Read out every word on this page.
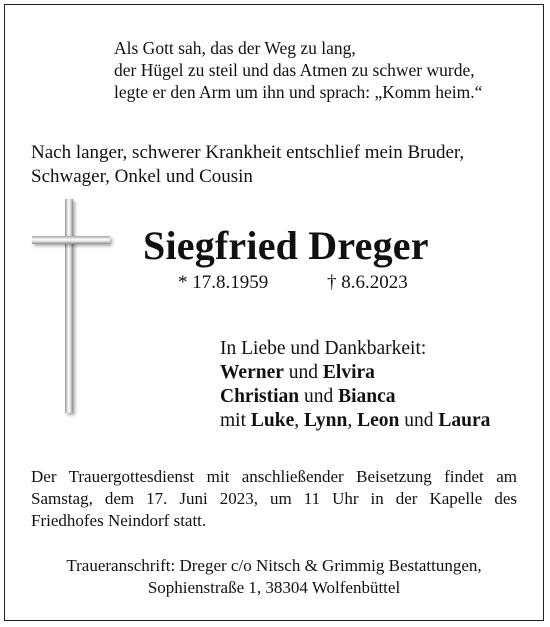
Als Gott sah, das der Weg zu lang,
der Hügel zu steil und das Atmen zu schwer wurde,
legte er den Arm um ihn und sprach: „Komm heim.“
Nach langer, schwerer Krankheit entschlief mein Bruder,
Schwager, Onkel und Cousin
Siegfried Dreger
* 17.8.1959	† 8.6.2023
In Liebe und Dankbarkeit:
Werner und Elvira
Christian und Bianca
mit Luke, Lynn, Leon und Laura
Der Trauergottesdienst mit anschließender Beisetzung findet am
Samstag, dem 17. Juni 2023, um 11 Uhr in der Kapelle des
Friedhofes Neindorf statt.
Traueranschrift: Dreger c/o Nitsch & Grimmig Bestattungen,
Sophienstraße 1, 38304 Wolfenbüttel
